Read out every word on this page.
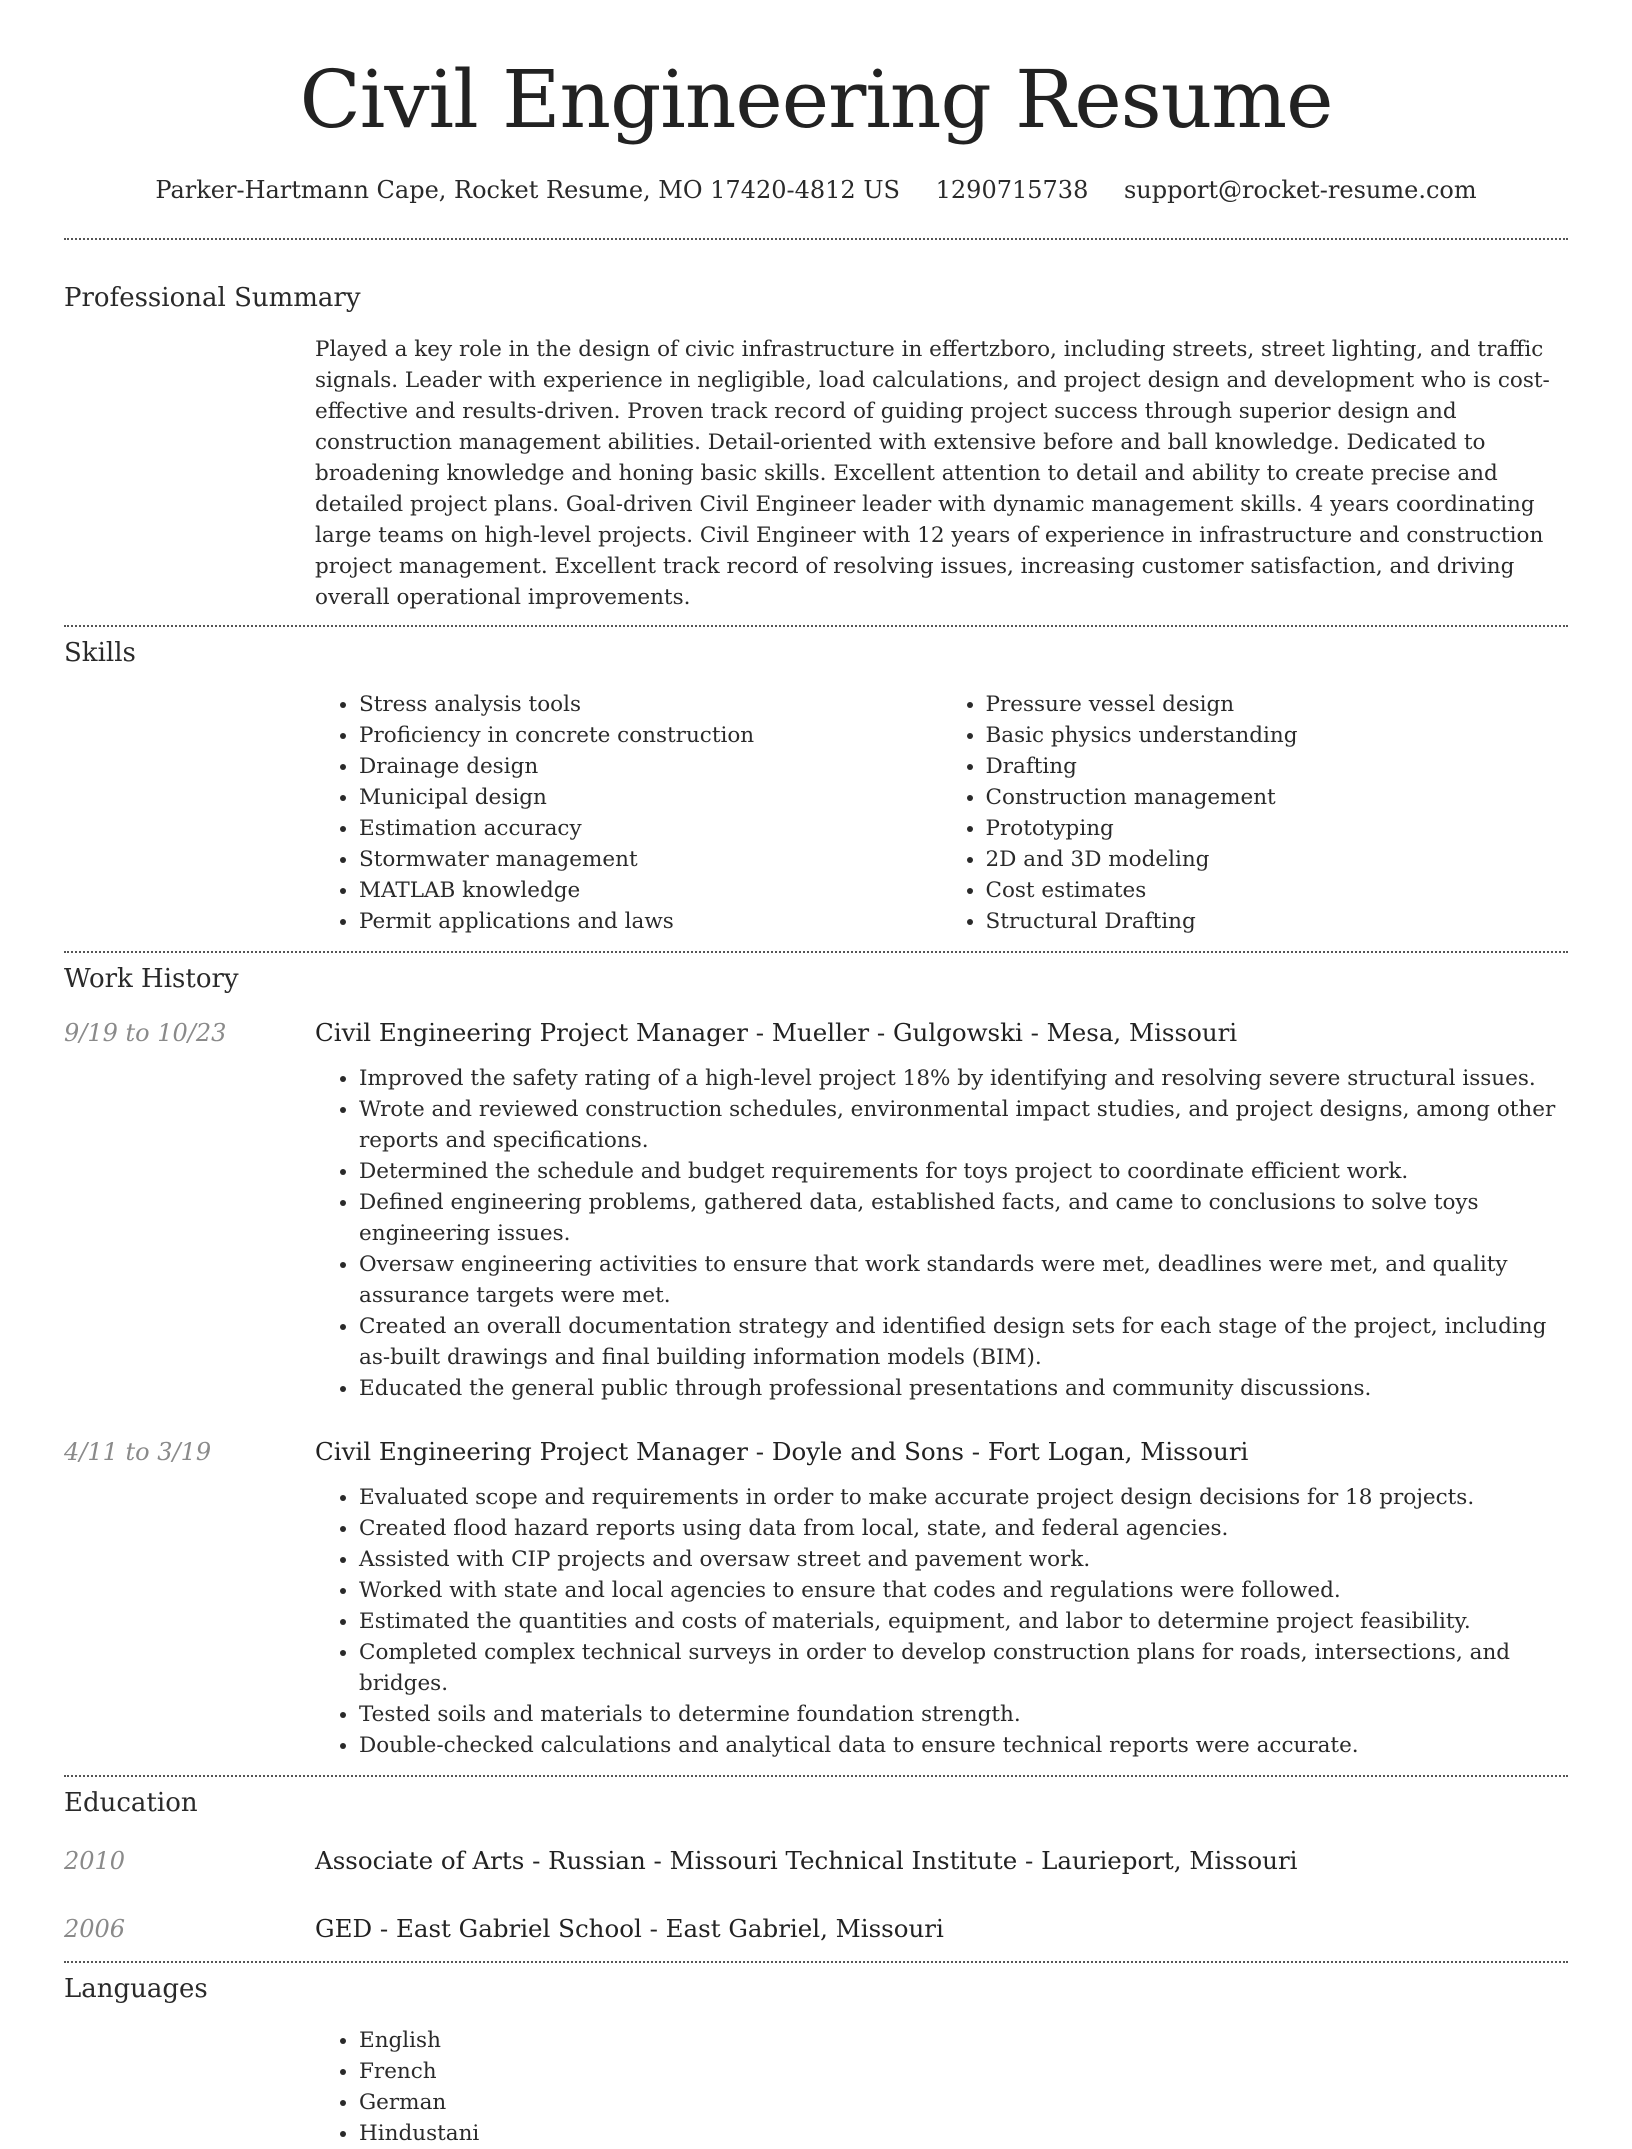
Civil Engineering Resume
Parker-Hartmann Cape, Rocket Resume, MO 17420-4812 US 1290715738 support@rocket-resume.com
Professional Summary

Played a key role in the design of civic infrastructure in effertzboro, including streets, street lighting, and traffic signals. Leader with experience in negligible, load calculations, and project design and development who is cost-effective and results-driven. Proven track record of guiding project success through superior design and construction management abilities. Detail-oriented with extensive before and ball knowledge. Dedicated to broadening knowledge and honing basic skills. Excellent attention to detail and ability to create precise and detailed project plans. Goal-driven Civil Engineer leader with dynamic management skills. 4 years coordinating large teams on high-level projects. Civil Engineer with 12 years of experience in infrastructure and construction project management. Excellent track record of resolving issues, increasing customer satisfaction, and driving overall operational improvements.

Skills
• Stress analysis tools
• Proficiency in concrete construction
• Drainage design
• Municipal design
• Estimation accuracy
• Stormwater management
• MATLAB knowledge
• Permit applications and laws
• Pressure vessel design
• Basic physics understanding
• Drafting
• Construction management
• Prototyping
• 2D and 3D modeling
• Cost estimates
• Structural Drafting
Work History
9/19 to 10/23	Civil Engineering Project Manager - Mueller - Gulgowski - Mesa, Missouri
• Improved the safety rating of a high-level project 18% by identifying and resolving severe structural issues.
• Wrote and reviewed construction schedules, environmental impact studies, and project designs, among other reports and specifications.
• Determined the schedule and budget requirements for toys project to coordinate efficient work.
• Defined engineering problems, gathered data, established facts, and came to conclusions to solve toys engineering issues.
• Oversaw engineering activities to ensure that work standards were met, deadlines were met, and quality assurance targets were met.
• Created an overall documentation strategy and identified design sets for each stage of the project, including as-built drawings and final building information models (BIM).
• Educated the general public through professional presentations and community discussions.
4/11 to 3/19	Civil Engineering Project Manager - Doyle and Sons - Fort Logan, Missouri
• Evaluated scope and requirements in order to make accurate project design decisions for 18 projects.
• Created flood hazard reports using data from local, state, and federal agencies.
• Assisted with CIP projects and oversaw street and pavement work.
• Worked with state and local agencies to ensure that codes and regulations were followed.
• Estimated the quantities and costs of materials, equipment, and labor to determine project feasibility.
• Completed complex technical surveys in order to develop construction plans for roads, intersections, and bridges.
• Tested soils and materials to determine foundation strength.
• Double-checked calculations and analytical data to ensure technical reports were accurate.
Education
2010	Associate of Arts - Russian - Missouri Technical Institute - Laurieport, Missouri
2006	GED - East Gabriel School - East Gabriel, Missouri
Languages
• English
• French
• German
• Hindustani
